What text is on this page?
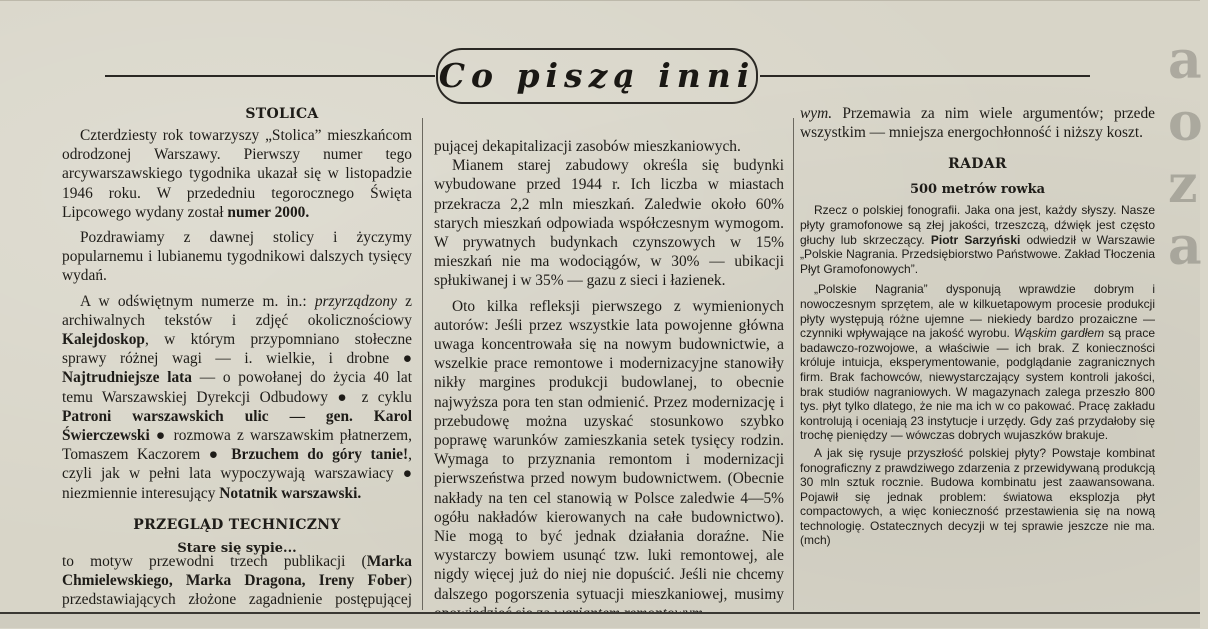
Co piszą inni	a
o
z
a
STOLICA

Czterdziesty rok towarzyszy „Stolica” mieszkańcom odrodzonej Warszawy. Pierwszy numer tego arcywarszawskiego tygodnika ukazał się w listopadzie 1946 roku. W przededniu tegorocznego Święta Lipcowego wydany został numer 2000.

Pozdrawiamy z dawnej stolicy i życzymy popularnemu i lubianemu tygodnikowi dalszych tysięcy wydań.

A w odświętnym numerze m. in.: przyrządzony z archiwalnych tekstów i zdjęć okolicznościowy Kalejdoskop, w którym przypomniano stołeczne sprawy różnej wagi — i. wielkie, i drobne ● Najtrudniejsze lata — o powołanej do życia 40 lat temu Warszawskiej Dyrekcji Odbudowy ● z cyklu Patroni warszawskich ulic — gen. Karol Świerczewski ● rozmowa z warszawskim płatnerzem, Tomaszem Kaczorem ● Brzuchem do góry tanie!, czyli jak w pełni lata wypoczywają warszawiacy ● niezmiennie interesujący Notatnik warszawski.

PRZEGLĄD TECHNICZNY
Stare się sypie...

to motyw przewodni trzech publikacji (Marka Chmielewskiego, Marka Dragona, Ireny Fober) przedstawiających złożone zagadnienie postępującej

pującej dekapitalizacji zasobów mieszkaniowych.

Mianem starej zabudowy określa się budynki wybudowane przed 1944 r. Ich liczba w miastach przekracza 2,2 mln mieszkań. Zaledwie około 60% starych mieszkań odpowiada współczesnym wymogom. W prywatnych budynkach czynszowych w 15% mieszkań nie ma wodociągów, w 30% — ubikacji spłukiwanej i w 35% — gazu z sieci i łazienek.

Oto kilka refleksji pierwszego z wymienionych autorów: Jeśli przez wszystkie lata powojenne główna uwaga koncentrowała się na nowym budownictwie, a wszelkie prace remontowe i modernizacyjne stanowiły nikły margines produkcji budowlanej, to obecnie najwyższa pora ten stan odmienić. Przez modernizację i przebudowę można uzyskać stosunkowo szybko poprawę warunków zamieszkania setek tysięcy rodzin. Wymaga to przyznania remontom i modernizacji pierwszeństwa przed nowym budownictwem. (Obecnie nakłady na ten cel stanowią w Polsce zaledwie 4—5% ogółu nakładów kierowanych na całe budownictwo). Nie mogą to być jednak działania doraźne. Nie wystarczy bowiem usunąć tzw. luki remontowej, ale nigdy więcej już do niej nie dopuścić. Jeśli nie chcemy dalszego pogorszenia sytuacji mieszkaniowej, musimy

wym. Przemawia za nim wiele argumentów; przede wszystkim — mniejsza energochłonność i niższy koszt.

RADAR
500 metrów rowka

Rzecz o polskiej fonografii. Jaka ona jest, każdy słyszy. Nasze płyty gramofonowe są złej jakości, trzeszczą, dźwięk jest często głuchy lub skrzeczący. Piotr Sarzyński odwiedził w Warszawie „Polskie Nagrania. Przedsiębiorstwo Państwowe. Zakład Tłoczenia Płyt Gramofonowych”.

„Polskie Nagrania” dysponują wprawdzie dobrym i nowoczesnym sprzętem, ale w kilkuetapowym procesie produkcji płyty występują różne ujemne — niekiedy bardzo prozaiczne — czynniki wpływające na jakość wyrobu. Wąskim gardłem są prace badawczo-rozwojowe, a właściwie — ich brak. Z konieczności króluje intuicja, eksperymentowanie, podglądanie zagranicznych firm. Brak fachowców, niewystarczający system kontroli jakości, brak studiów nagraniowych. W magazynach zalega przeszło 800 tys. płyt tylko dlatego, że nie ma ich w co pakować. Pracę zakładu kontrolują i oceniają 23 instytucje i urzędy. Gdy zaś przydałoby się trochę pieniędzy — wówczas dobrych wujaszków brakuje.

A jak się rysuje przyszłość polskiej płyty? Powstaje kombinat fonograficzny z prawdziwego zdarzenia z przewidywaną produkcją 30 mln sztuk rocznie. Budowa kombinatu jest zaawansowana. Pojawił się jednak problem: światowa eksplozja płyt compactowych, a więc konieczność przestawienia się na nową technologię. Ostatecznych decyzji w tej sprawie jeszcze nie ma. (mch)
